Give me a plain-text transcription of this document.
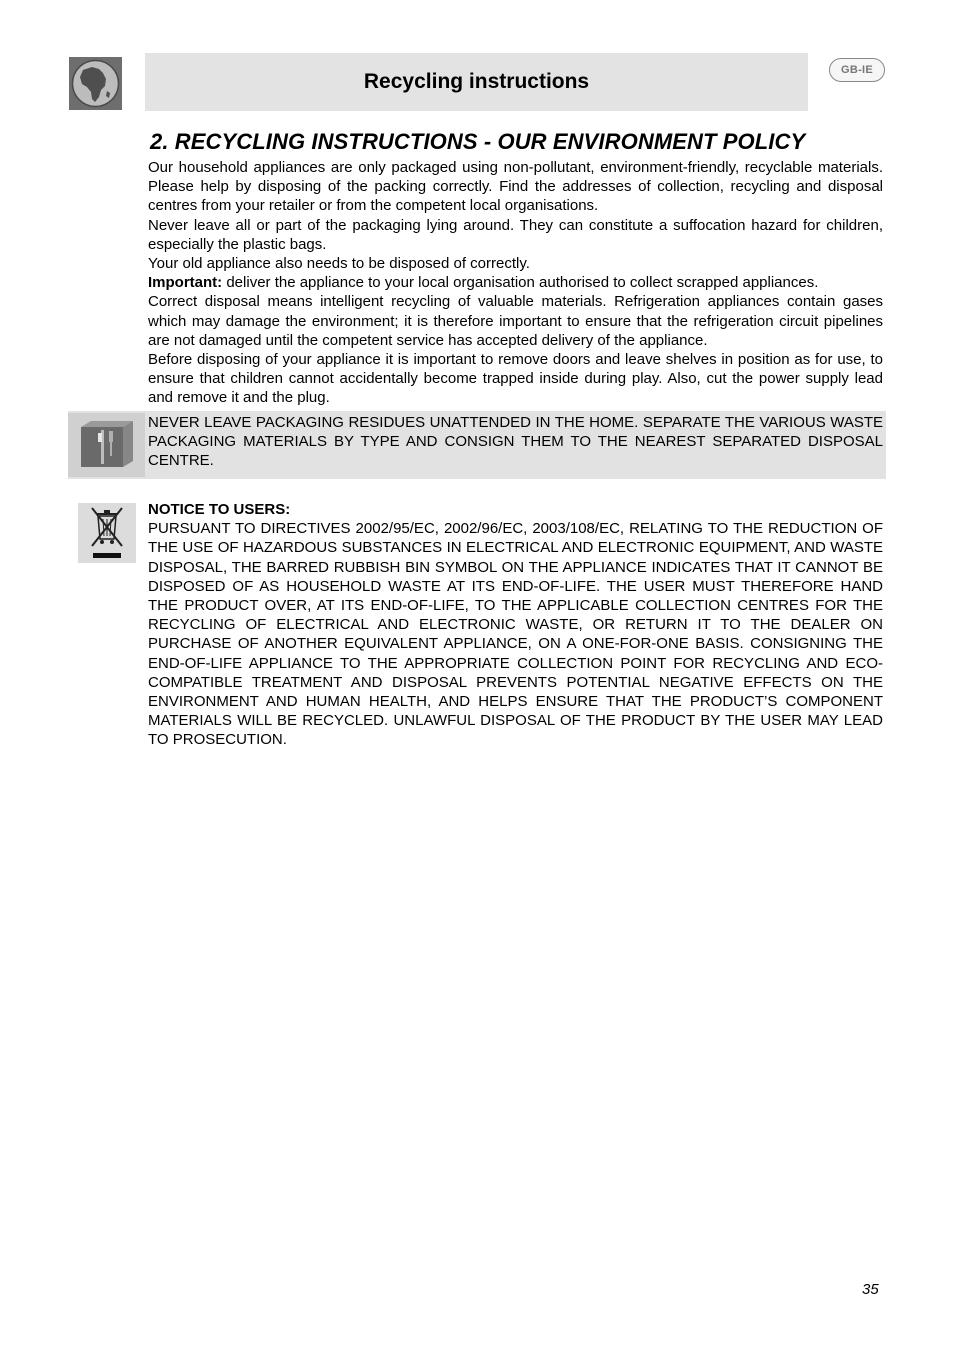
Recycling instructions	GB-IE
2. RECYCLING INSTRUCTIONS - OUR ENVIRONMENT POLICY

Our household appliances are only packaged using non-pollutant, environment-friendly, recyclable materials. Please help by disposing of the packing correctly. Find the addresses of collection, recycling and disposal centres from your retailer or from the competent local organisations.

Never leave all or part of the packaging lying around. They can constitute a suffocation hazard for children, especially the plastic bags.

Your old appliance also needs to be disposed of correctly.

Important: deliver the appliance to your local organisation authorised to collect scrapped appliances.

Correct disposal means intelligent recycling of valuable materials. Refrigeration appliances contain gases which may damage the environment; it is therefore important to ensure that the refrigeration circuit pipelines are not damaged until the competent service has accepted delivery of the appliance.

Before disposing of your appliance it is important to remove doors and leave shelves in position as for use, to ensure that children cannot accidentally become trapped inside during play. Also, cut the power supply lead and remove it and the plug.

NEVER LEAVE PACKAGING RESIDUES UNATTENDED IN THE HOME. SEPARATE THE VARIOUS WASTE PACKAGING MATERIALS BY TYPE AND CONSIGN THEM TO THE NEAREST SEPARATED DISPOSAL CENTRE.

NOTICE TO USERS:

PURSUANT TO DIRECTIVES 2002/95/EC, 2002/96/EC, 2003/108/EC, RELATING TO THE REDUCTION OF THE USE OF HAZARDOUS SUBSTANCES IN ELECTRICAL AND ELECTRONIC EQUIPMENT, AND WASTE DISPOSAL, THE BARRED RUBBISH BIN SYMBOL ON THE APPLIANCE INDICATES THAT IT CANNOT BE DISPOSED OF AS HOUSEHOLD WASTE AT ITS END-OF-LIFE. THE USER MUST THEREFORE HAND THE PRODUCT OVER, AT ITS END-OF-LIFE, TO THE APPLICABLE COLLECTION CENTRES FOR THE RECYCLING OF ELECTRICAL AND ELECTRONIC WASTE, OR RETURN IT TO THE DEALER ON PURCHASE OF ANOTHER EQUIVALENT APPLIANCE, ON A ONE-FOR-ONE BASIS. CONSIGNING THE END-OF-LIFE APPLIANCE TO THE APPROPRIATE COLLECTION POINT FOR RECYCLING AND ECO-COMPATIBLE TREATMENT AND DISPOSAL PREVENTS POTENTIAL NEGATIVE EFFECTS ON THE ENVIRONMENT AND HUMAN HEALTH, AND HELPS ENSURE THAT THE PRODUCT’S COMPONENT MATERIALS WILL BE RECYCLED. UNLAWFUL DISPOSAL OF THE PRODUCT BY THE USER MAY LEAD TO PROSECUTION.

35
